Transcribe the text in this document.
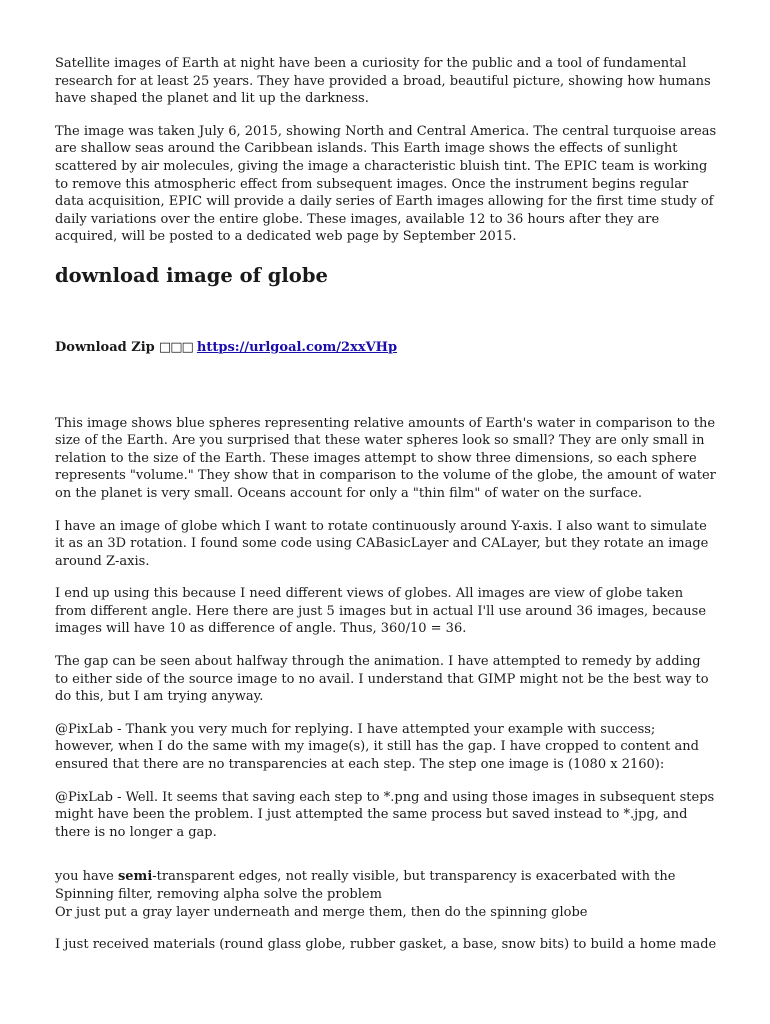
Satellite images of Earth at night have been a curiosity for the public and a tool of fundamental research for at least 25 years. They have provided a broad, beautiful picture, showing how humans have shaped the planet and lit up the darkness.

The image was taken July 6, 2015, showing North and Central America. The central turquoise areas are shallow seas around the Caribbean islands. This Earth image shows the effects of sunlight scattered by air molecules, giving the image a characteristic bluish tint. The EPIC team is working to remove this atmospheric effect from subsequent images. Once the instrument begins regular data acquisition, EPIC will provide a daily series of Earth images allowing for the first time study of daily variations over the entire globe. These images, available 12 to 36 hours after they are acquired, will be posted to a dedicated web page by September 2015.

download image of globe
Download Zip □□□ https://urlgoal.com/2xxVHp

This image shows blue spheres representing relative amounts of Earth's water in comparison to the size of the Earth. Are you surprised that these water spheres look so small? They are only small in relation to the size of the Earth. These images attempt to show three dimensions, so each sphere represents "volume." They show that in comparison to the volume of the globe, the amount of water on the planet is very small. Oceans account for only a "thin film" of water on the surface.

I have an image of globe which I want to rotate continuously around Y-axis. I also want to simulate it as an 3D rotation. I found some code using CABasicLayer and CALayer, but they rotate an image around Z-axis.

I end up using this because I need different views of globes. All images are view of globe taken from different angle. Here there are just 5 images but in actual I'll use around 36 images, because images will have 10 as difference of angle. Thus, 360/10 = 36.

The gap can be seen about halfway through the animation. I have attempted to remedy by adding to either side of the source image to no avail. I understand that GIMP might not be the best way to do this, but I am trying anyway.

@PixLab - Thank you very much for replying. I have attempted your example with success; however, when I do the same with my image(s), it still has the gap. I have cropped to content and ensured that there are no transparencies at each step. The step one image is (1080 x 2160):

@PixLab - Well. It seems that saving each step to *.png and using those images in subsequent steps might have been the problem. I just attempted the same process but saved instead to *.jpg, and there is no longer a gap.

you have semi-transparent edges, not really visible, but transparency is exacerbated with the Spinning filter, removing alpha solve the problem
Or just put a gray layer underneath and merge them, then do the spinning globe

I just received materials (round glass globe, rubber gasket, a base, snow bits) to build a home made
